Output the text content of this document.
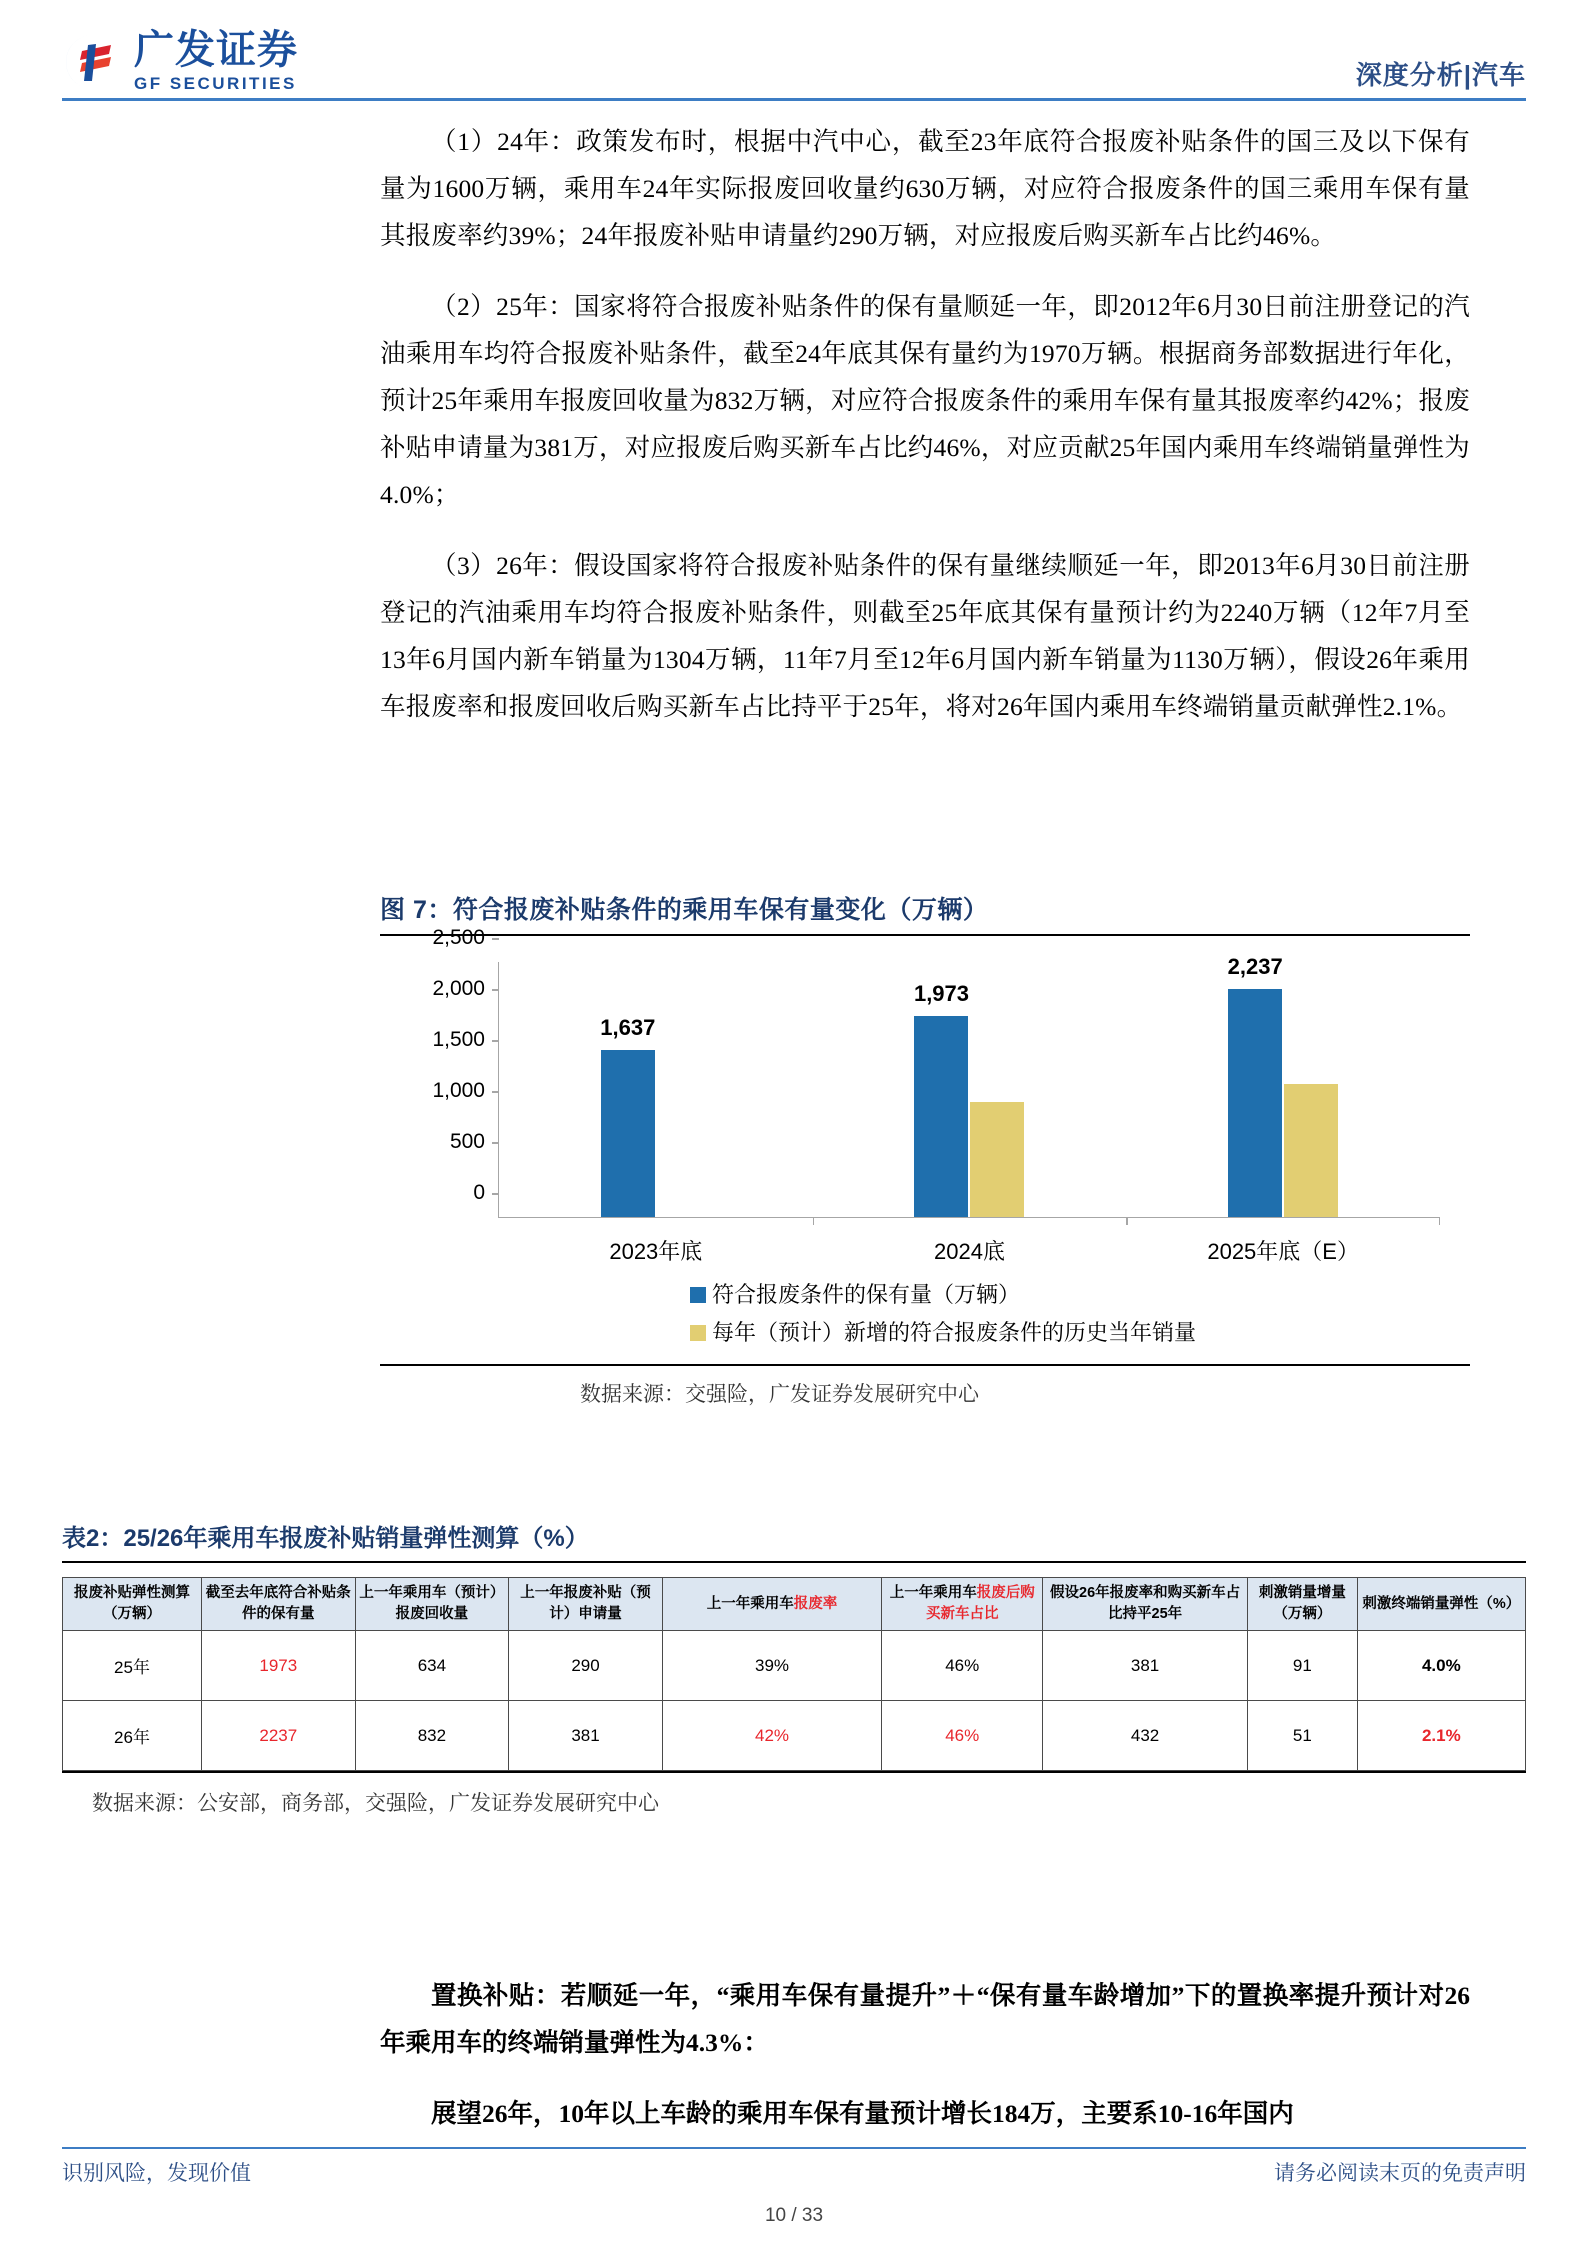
广发证券
GF SECURITIES	深度分析|汽车

（1）24年：政策发布时，根据中汽中心，截至23年底符合报废补贴条件的国三及以下保有量为1600万辆，乘用车24年实际报废回收量约630万辆，对应符合报废条件的国三乘用车保有量其报废率约39%；24年报废补贴申请量约290万辆，对应报废后购买新车占比约46%。

（2）25年：国家将符合报废补贴条件的保有量顺延一年，即2012年6月30日前注册登记的汽油乘用车均符合报废补贴条件，截至24年底其保有量约为1970万辆。根据商务部数据进行年化，预计25年乘用车报废回收量为832万辆，对应符合报废条件的乘用车保有量其报废率约42%；报废补贴申请量为381万，对应报废后购买新车占比约46%，对应贡献25年国内乘用车终端销量弹性为4.0%；

（3）26年：假设国家将符合报废补贴条件的保有量继续顺延一年，即2013年6月30日前注册登记的汽油乘用车均符合报废补贴条件，则截至25年底其保有量预计约为2240万辆（12年7月至13年6月国内新车销量为1304万辆，11年7月至12年6月国内新车销量为1130万辆），假设26年乘用车报废率和报废回收后购买新车占比持平于25年，将对26年国内乘用车终端销量贡献弹性2.1%。

图 7：符合报废补贴条件的乘用车保有量变化（万辆）
0
500
1,000
1,500
2,000
2,500
1,637
2023年底
1,973
2024底
2,237
2025年底（E）
符合报废条件的保有量（万辆）
每年（预计）新增的符合报废条件的历史当年销量
数据来源：交强险，广发证券发展研究中心
表2：25/26年乘用车报废补贴销量弹性测算（%）
报废补贴弹性测算（万辆）	截至去年底符合补贴条件的保有量	上一年乘用车（预计）报废回收量	上一年报废补贴（预计）申请量	上一年乘用车报废率	上一年乘用车报废后购买新车占比	假设26年报废率和购买新车占比持平25年	刺激销量增量（万辆）	刺激终端销量弹性（%）
25年	1973	634	290	39%	46%	381	91	4.0%
26年	2237	832	381	42%	46%	432	51	2.1%
数据来源：公安部，商务部，交强险，广发证券发展研究中心

置换补贴：若顺延一年，“乘用车保有量提升”＋“保有量车龄增加”下的置换率提升预计对26年乘用车的终端销量弹性为4.3%：

展望26年，10年以上车龄的乘用车保有量预计增长184万，主要系10-16年国内

识别风险，发现价值	请务必阅读末页的免责声明
10 / 33
